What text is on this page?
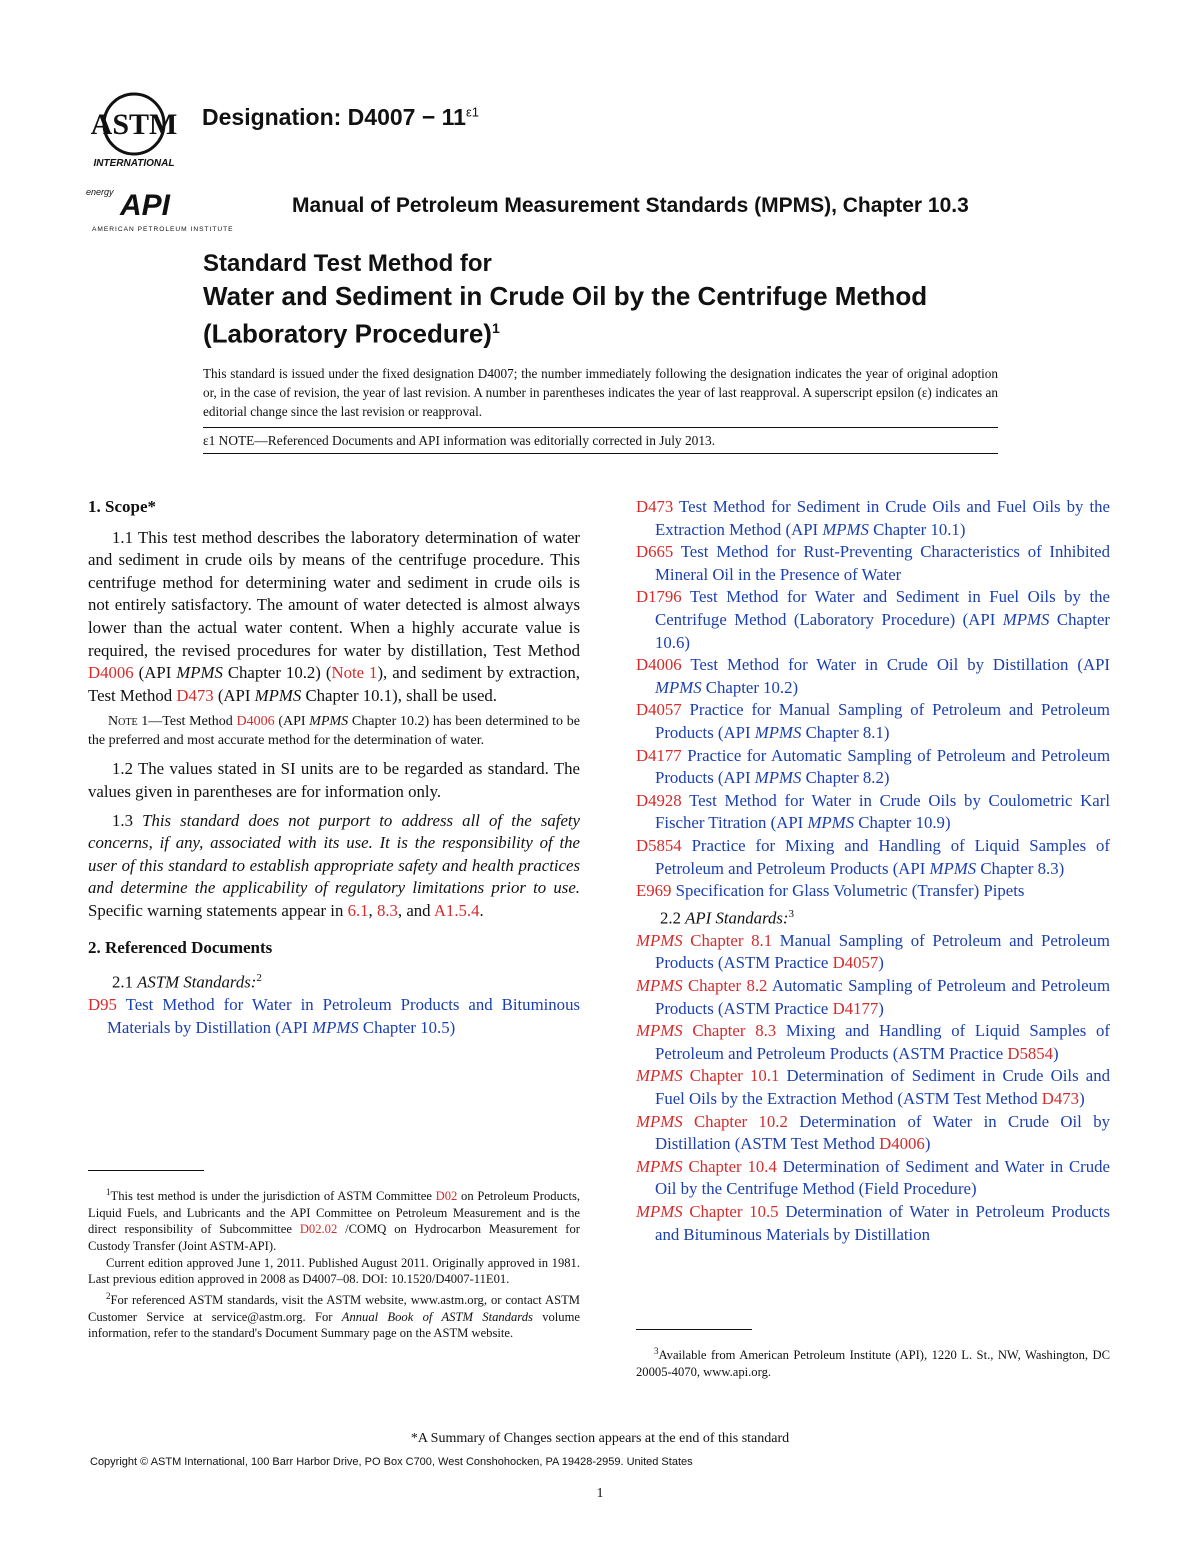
ASTM
INTERNATIONAL
Designation: $D4007 - 11^{\varepsilon 1}$
energy API
AMERICAN PETROLEUM INSTITUTE
Manual of Petroleum Measurement Standards (MPMS), Chapter 10.3
Standard Test Method for
Water and Sediment in Crude Oil by the Centrifuge Method
(Laboratory Procedure)$^1$
This standard is issued under the fixed designation D4007; the number immediately following the designation indicates the year of original adoption or, in the case of revision, the year of last revision. A number in parentheses indicates the year of last reapproval. A superscript epsilon (ε) indicates an editorial change since the last revision or reapproval.
ε1 NOTE—Referenced Documents and API information was editorially corrected in July 2013.
1. Scope*

1.1 This test method describes the laboratory determination of water and sediment in crude oils by means of the centrifuge procedure. This centrifuge method for determining water and sediment in crude oils is not entirely satisfactory. The amount of water detected is almost always lower than the actual water content. When a highly accurate value is required, the revised procedures for water by distillation, Test Method D4006 (API MPMS Chapter 10.2) (Note 1), and sediment by extraction, Test Method D473 (API MPMS Chapter 10.1), shall be used.

Note 1—Test Method D4006 (API MPMS Chapter 10.2) has been determined to be the preferred and most accurate method for the determination of water.

1.2 The values stated in SI units are to be regarded as standard. The values given in parentheses are for information only.

1.3 This standard does not purport to address all of the safety concerns, if any, associated with its use. It is the responsibility of the user of this standard to establish appropriate safety and health practices and determine the applicability of regulatory limitations prior to use. Specific warning statements appear in 6.1, 8.3, and A1.5.4.

2. Referenced Documents

2.1 ASTM Standards:$^2$

D95 Test Method for Water in Petroleum Products and Bituminous Materials by Distillation (API MPMS Chapter 10.5)

D473 Test Method for Sediment in Crude Oils and Fuel Oils by the Extraction Method (API MPMS Chapter 10.1)

D665 Test Method for Rust-Preventing Characteristics of Inhibited Mineral Oil in the Presence of Water

D1796 Test Method for Water and Sediment in Fuel Oils by the Centrifuge Method (Laboratory Procedure) (API MPMS Chapter 10.6)

D4006 Test Method for Water in Crude Oil by Distillation (API MPMS Chapter 10.2)

D4057 Practice for Manual Sampling of Petroleum and Petroleum Products (API MPMS Chapter 8.1)

D4177 Practice for Automatic Sampling of Petroleum and Petroleum Products (API MPMS Chapter 8.2)

D4928 Test Method for Water in Crude Oils by Coulometric Karl Fischer Titration (API MPMS Chapter 10.9)

D5854 Practice for Mixing and Handling of Liquid Samples of Petroleum and Petroleum Products (API MPMS Chapter 8.3)

E969 Specification for Glass Volumetric (Transfer) Pipets

2.2 API Standards:$^3$

MPMS Chapter 8.1 Manual Sampling of Petroleum and Petroleum Products (ASTM Practice D4057)

MPMS Chapter 8.2 Automatic Sampling of Petroleum and Petroleum Products (ASTM Practice D4177)

MPMS Chapter 8.3 Mixing and Handling of Liquid Samples of Petroleum and Petroleum Products (ASTM Practice D5854)

MPMS Chapter 10.1 Determination of Sediment in Crude Oils and Fuel Oils by the Extraction Method (ASTM Test Method D473)

MPMS Chapter 10.2 Determination of Water in Crude Oil by Distillation (ASTM Test Method D4006)

MPMS Chapter 10.4 Determination of Sediment and Water in Crude Oil by the Centrifuge Method (Field Procedure)

MPMS Chapter 10.5 Determination of Water in Petroleum Products and Bituminous Materials by Distillation

$^1$This test method is under the jurisdiction of ASTM Committee D02 on Petroleum Products, Liquid Fuels, and Lubricants and the API Committee on Petroleum Measurement and is the direct responsibility of Subcommittee D02.02 /COMQ on Hydrocarbon Measurement for Custody Transfer (Joint ASTM-API).

Current edition approved June 1, 2011. Published August 2011. Originally approved in 1981. Last previous edition approved in 2008 as D4007–08. DOI: 10.1520/D4007-11E01.

$^2$For referenced ASTM standards, visit the ASTM website, www.astm.org, or contact ASTM Customer Service at service@astm.org. For Annual Book of ASTM Standards volume information, refer to the standard's Document Summary page on the ASTM website.

$^3$Available from American Petroleum Institute (API), 1220 L. St., NW, Washington, DC 20005-4070, www.api.org.

*A Summary of Changes section appears at the end of this standard
Copyright © ASTM International, 100 Barr Harbor Drive, PO Box C700, West Conshohocken, PA 19428-2959. United States
1
